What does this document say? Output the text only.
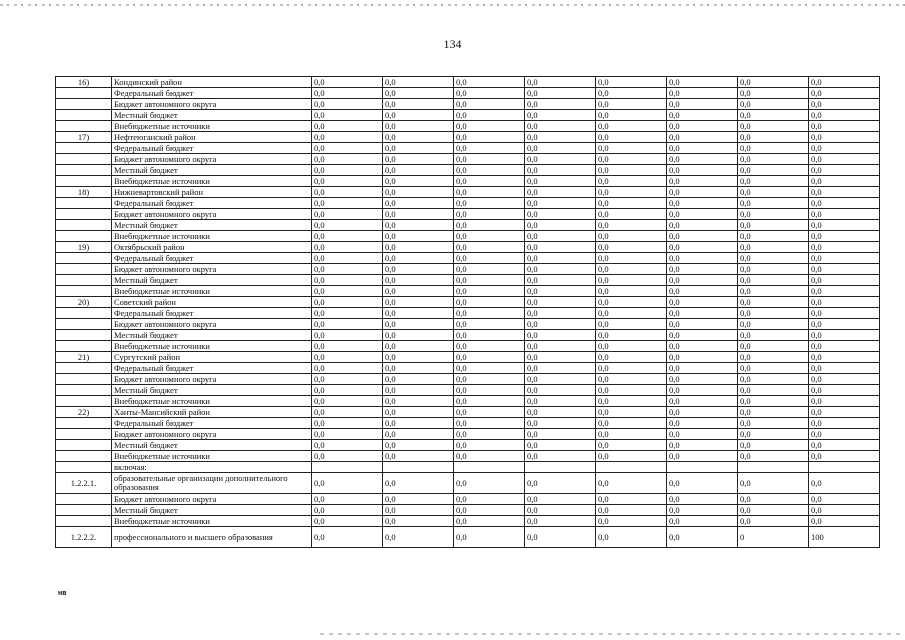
134
16)	Кондинский район	0,0	0,0	0,0	0,0	0,0	0,0	0,0	0,0
	Федеральный бюджет	0,0	0,0	0,0	0,0	0,0	0,0	0,0	0,0
	Бюджет автономного округа	0,0	0,0	0,0	0,0	0,0	0,0	0,0	0,0
	Местный бюджет	0,0	0,0	0,0	0,0	0,0	0,0	0,0	0,0
	Внебюджетные источники	0,0	0,0	0,0	0,0	0,0	0,0	0,0	0,0
17)	Нефтеюганский район	0,0	0,0	0,0	0,0	0,0	0,0	0,0	0,0
	Федеральный бюджет	0,0	0,0	0,0	0,0	0,0	0,0	0,0	0,0
	Бюджет автономного округа	0,0	0,0	0,0	0,0	0,0	0,0	0,0	0,0
	Местный бюджет	0,0	0,0	0,0	0,0	0,0	0,0	0,0	0,0
	Внебюджетные источники	0,0	0,0	0,0	0,0	0,0	0,0	0,0	0,0
18)	Нижневартовский район	0,0	0,0	0,0	0,0	0,0	0,0	0,0	0,0
	Федеральный бюджет	0,0	0,0	0,0	0,0	0,0	0,0	0,0	0,0
	Бюджет автономного округа	0,0	0,0	0,0	0,0	0,0	0,0	0,0	0,0
	Местный бюджет	0,0	0,0	0,0	0,0	0,0	0,0	0,0	0,0
	Внебюджетные источники	0,0	0,0	0,0	0,0	0,0	0,0	0,0	0,0
19)	Октябрьский район	0,0	0,0	0,0	0,0	0,0	0,0	0,0	0,0
	Федеральный бюджет	0,0	0,0	0,0	0,0	0,0	0,0	0,0	0,0
	Бюджет автономного округа	0,0	0,0	0,0	0,0	0,0	0,0	0,0	0,0
	Местный бюджет	0,0	0,0	0,0	0,0	0,0	0,0	0,0	0,0
	Внебюджетные источники	0,0	0,0	0,0	0,0	0,0	0,0	0,0	0,0
20)	Советский район	0,0	0,0	0,0	0,0	0,0	0,0	0,0	0,0
	Федеральный бюджет	0,0	0,0	0,0	0,0	0,0	0,0	0,0	0,0
	Бюджет автономного округа	0,0	0,0	0,0	0,0	0,0	0,0	0,0	0,0
	Местный бюджет	0,0	0,0	0,0	0,0	0,0	0,0	0,0	0,0
	Внебюджетные источники	0,0	0,0	0,0	0,0	0,0	0,0	0,0	0,0
21)	Сургутский район	0,0	0,0	0,0	0,0	0,0	0,0	0,0	0,0
	Федеральный бюджет	0,0	0,0	0,0	0,0	0,0	0,0	0,0	0,0
	Бюджет автономного округа	0,0	0,0	0,0	0,0	0,0	0,0	0,0	0,0
	Местный бюджет	0,0	0,0	0,0	0,0	0,0	0,0	0,0	0,0
	Внебюджетные источники	0,0	0,0	0,0	0,0	0,0	0,0	0,0	0,0
22)	Ханты-Мансийский район	0,0	0,0	0,0	0,0	0,0	0,0	0,0	0,0
	Федеральный бюджет	0,0	0,0	0,0	0,0	0,0	0,0	0,0	0,0
	Бюджет автономного округа	0,0	0,0	0,0	0,0	0,0	0,0	0,0	0,0
	Местный бюджет	0,0	0,0	0,0	0,0	0,0	0,0	0,0	0,0
	Внебюджетные источники	0,0	0,0	0,0	0,0	0,0	0,0	0,0	0,0
	включая:								
1.2.2.1.	образовательные организации дополнительного образования	0,0	0,0	0,0	0,0	0,0	0,0	0,0	0,0
	Бюджет автономного округа	0,0	0,0	0,0	0,0	0,0	0,0	0,0	0,0
	Местный бюджет	0,0	0,0	0,0	0,0	0,0	0,0	0,0	0,0
	Внебюджетные источники	0,0	0,0	0,0	0,0	0,0	0,0	0,0	0,0
1.2.2.2.	профессионального и высшего образования	0,0	0,0	0,0	0,0	0,0	0,0	0	100
нв
